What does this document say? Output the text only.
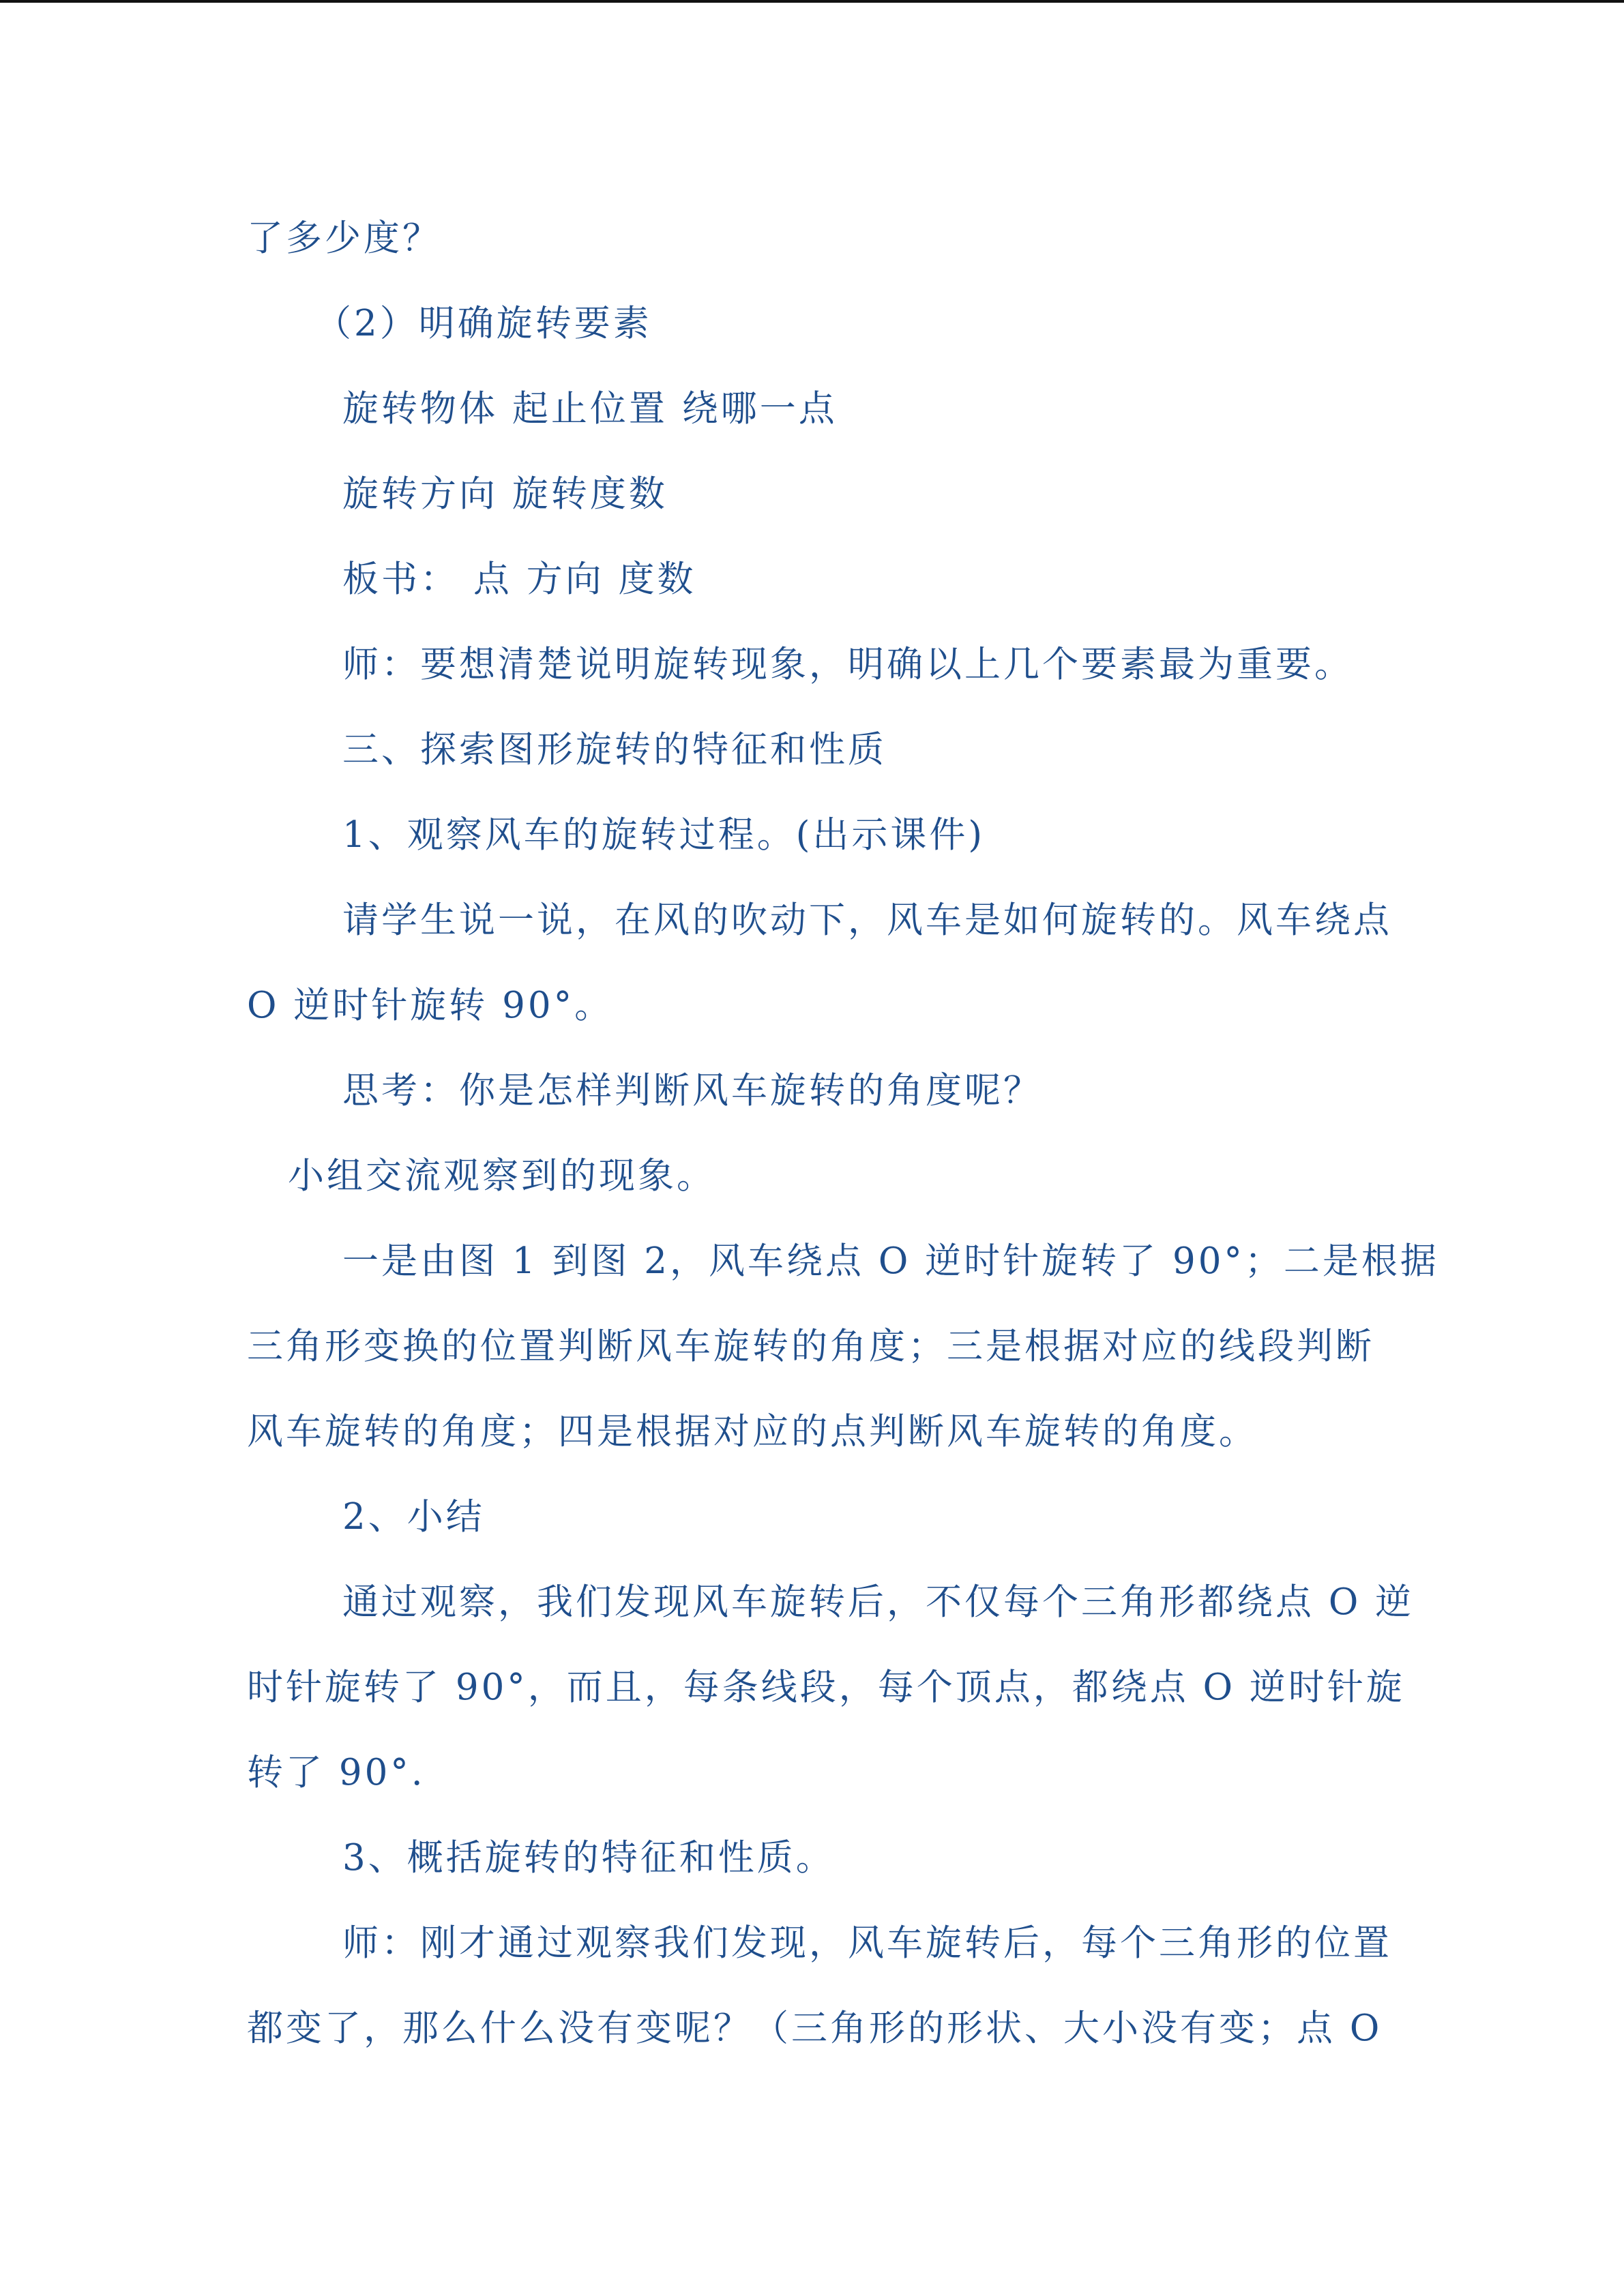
了多少度？
（2）明确旋转要素
旋转物体 起止位置 绕哪一点
旋转方向 旋转度数
板书： 点 方向 度数
师：要想清楚说明旋转现象，明确以上几个要素最为重要。
三、探索图形旋转的特征和性质
1、观察风车的旋转过程。(出示课件)
请学生说一说，在风的吹动下，风车是如何旋转的。风车绕点
O 逆时针旋转 90°。
思考：你是怎样判断风车旋转的角度呢？
小组交流观察到的现象。
一是由图 1 到图 2，风车绕点 O 逆时针旋转了 90°；二是根据
三角形变换的位置判断风车旋转的角度；三是根据对应的线段判断
风车旋转的角度；四是根据对应的点判断风车旋转的角度。
2、小结
通过观察，我们发现风车旋转后，不仅每个三角形都绕点 O 逆
时针旋转了 90°，而且，每条线段，每个顶点，都绕点 O 逆时针旋
转了 90°.
3、概括旋转的特征和性质。
师：刚才通过观察我们发现，风车旋转后，每个三角形的位置
都变了，那么什么没有变呢？（三角形的形状、大小没有变；点 O
